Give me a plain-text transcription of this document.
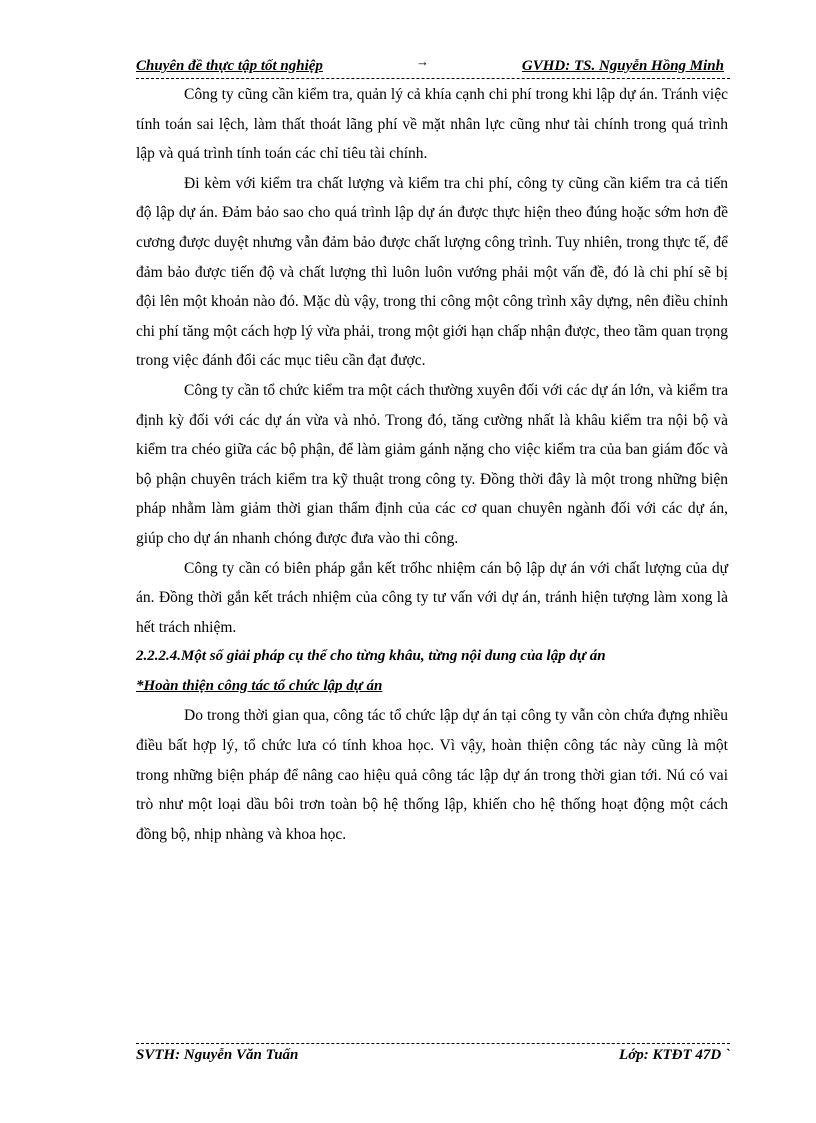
Chuyên đề thực tập tốt nghiệp	→	GVHD: TS. Nguyễn Hồng Minh

Công ty cũng cần kiểm tra, quản lý cả khía cạnh chi phí trong khi lập dự án. Tránh việc tính toán sai lệch, làm thất thoát lãng phí về mặt nhân lực cũng như tài chính trong quá trình lập và quá trình tính toán các chỉ tiêu tài chính.

Đi kèm với kiểm tra chất lượng và kiểm tra chi phí, công ty cũng cần kiểm tra cả tiến độ lập dự án. Đảm bảo sao cho quá trình lập dự án được thực hiện theo đúng hoặc sớm hơn đề cương được duyệt nhưng vẫn đảm bảo được chất lượng công trình. Tuy nhiên, trong thực tế, để đảm bảo được tiến độ và chất lượng thì luôn luôn vướng phải một vấn đề, đó là chi phí sẽ bị đội lên một khoản nào đó. Mặc dù vậy, trong thi công một công trình xây dựng, nên điều chỉnh chi phí tăng một cách hợp lý vừa phải, trong một giới hạn chấp nhận được, theo tầm quan trọng trong việc đánh đổi các mục tiêu cần đạt được.

Công ty cần tổ chức kiểm tra một cách thường xuyên đối với các dự án lớn, và kiểm tra định kỳ đối với các dự án vừa và nhỏ. Trong đó, tăng cường nhất là khâu kiểm tra nội bộ và kiểm tra chéo giữa các bộ phận, để làm giảm gánh nặng cho việc kiểm tra của ban giám đốc và bộ phận chuyên trách kiểm tra kỹ thuật trong công ty. Đồng thời đây là một trong những biện pháp nhằm làm giảm thời gian thẩm định của các cơ quan chuyên ngành đối với các dự án, giúp cho dự án nhanh chóng được đưa vào thi công.

Công ty cần có biên pháp gắn kết trốhc nhiệm cán bộ lập dự án với chất lượng của dự án. Đồng thời gắn kết trách nhiệm của công ty tư vấn với dự án, tránh hiện tượng làm xong là hết trách nhiệm.

2.2.2.4.Một số giải pháp cụ thể cho từng khâu, từng nội dung của lập dự án

*Hoàn thiện công tác tổ chức lập dự án

Do trong thời gian qua, công tác tổ chức lập dự án tại công ty vẫn còn chứa đựng nhiều điều bất hợp lý, tổ chức lưa có tính khoa học. Vì vậy, hoàn thiện công tác này cũng là một trong những biện pháp để nâng cao hiệu quả công tác lập dự án trong thời gian tới. Nú có vai trò như một loại dầu bôi trơn toàn bộ hệ thống lập, khiến cho hệ thống hoạt động một cách đồng bộ, nhịp nhàng và khoa học.

SVTH: Nguyễn Văn Tuấn	Lớp: KTĐT 47D `
